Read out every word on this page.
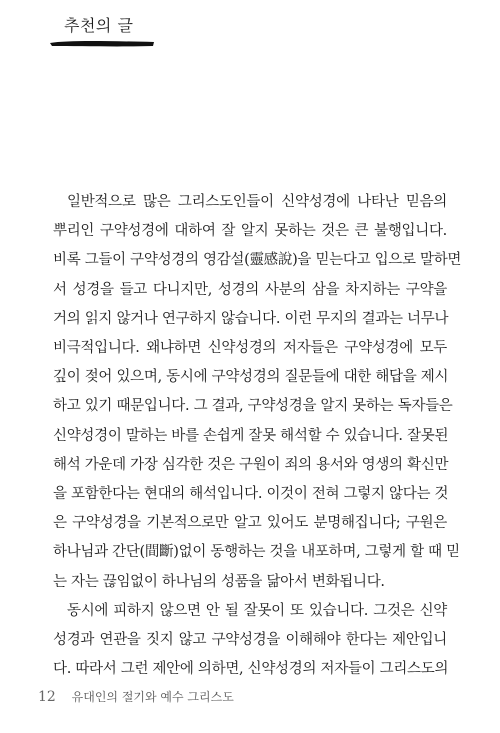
추천의 글
일반적으로 많은 그리스도인들이 신약성경에 나타난 믿음의
뿌리인 구약성경에 대하여 잘 알지 못하는 것은 큰 불행입니다.
비록 그들이 구약성경의 영감설(靈感說)을 믿는다고 입으로 말하면
서 성경을 들고 다니지만, 성경의 사분의 삼을 차지하는 구약을
거의 읽지 않거나 연구하지 않습니다. 이런 무지의 결과는 너무나
비극적입니다. 왜냐하면 신약성경의 저자들은 구약성경에 모두
깊이 젖어 있으며, 동시에 구약성경의 질문들에 대한 해답을 제시
하고 있기 때문입니다. 그 결과, 구약성경을 알지 못하는 독자들은
신약성경이 말하는 바를 손쉽게 잘못 해석할 수 있습니다. 잘못된
해석 가운데 가장 심각한 것은 구원이 죄의 용서와 영생의 확신만
을 포함한다는 현대의 해석입니다. 이것이 전혀 그렇지 않다는 것
은 구약성경을 기본적으로만 알고 있어도 분명해집니다; 구원은
하나님과 간단(間斷)없이 동행하는 것을 내포하며, 그렇게 할 때 믿
는 자는 끊임없이 하나님의 성품을 닮아서 변화됩니다.
동시에 피하지 않으면 안 될 잘못이 또 있습니다. 그것은 신약
성경과 연관을 짓지 않고 구약성경을 이해해야 한다는 제안입니
다. 따라서 그런 제안에 의하면, 신약성경의 저자들이 그리스도의
12 유대인의 절기와 예수 그리스도
